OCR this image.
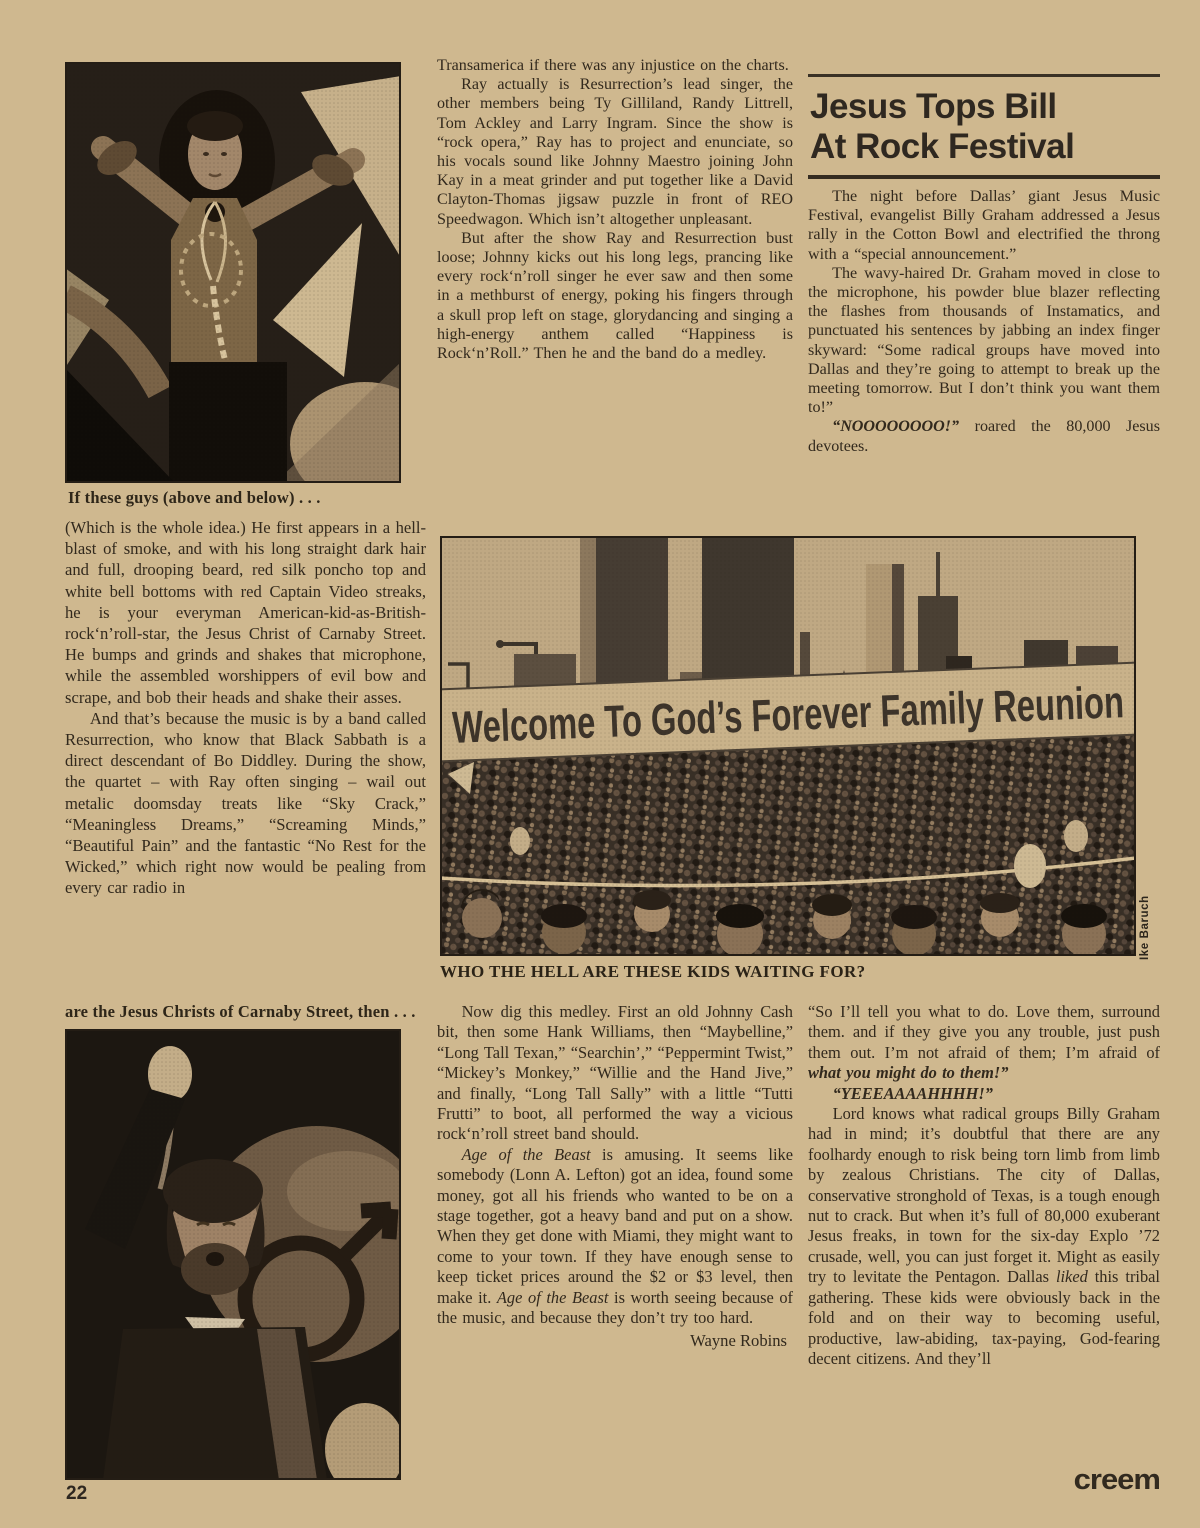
If these guys (above and below) . . .

(Which is the whole idea.) He first appears in a hell-blast of smoke, and with his long straight dark hair and full, drooping beard, red silk poncho top and white bell bottoms with red Captain Video streaks, he is your everyman American-kid-as-British-rock‘n’roll-star, the Jesus Christ of Carnaby Street. He bumps and grinds and shakes that microphone, while the assembled worshippers of evil bow and scrape, and bob their heads and shake their asses.

And that’s because the music is by a band called Resurrection, who know that Black Sabbath is a direct descendant of Bo Diddley. During the show, the quartet – with Ray often singing – wail out metalic doomsday treats like “Sky Crack,” “Meaningless Dreams,” “Screaming Minds,” “Beautiful Pain” and the fantastic “No Rest for the Wicked,” which right now would be pealing from every car radio in

are the Jesus Christs of Carnaby Street, then . . .
22

Transamerica if there was any injustice on the charts.

Ray actually is Resurrection’s lead singer, the other members being Ty Gilliland, Randy Littrell, Tom Ackley and Larry Ingram. Since the show is “rock opera,” Ray has to project and enunciate, so his vocals sound like Johnny Maestro joining John Kay in a meat grinder and put together like a David Clayton-Thomas jigsaw puzzle in front of REO Speedwagon. Which isn’t altogether unpleasant.

But after the show Ray and Resurrection bust loose; Johnny kicks out his long legs, prancing like every rock‘n’roll singer he ever saw and then some in a methburst of energy, poking his fingers through a skull prop left on stage, glorydancing and singing a high-energy anthem called “Happiness is Rock‘n’Roll.” Then he and the band do a medley.

Ike Baruch
WHO THE HELL ARE THESE KIDS WAITING FOR?

Now dig this medley. First an old Johnny Cash bit, then some Hank Williams, then “Maybelline,” “Long Tall Texan,” “Searchin’,” “Peppermint Twist,” “Mickey’s Monkey,” “Willie and the Hand Jive,” and finally, “Long Tall Sally” with a little “Tutti Frutti” to boot, all performed the way a vicious rock‘n’roll street band should.

Age of the Beast is amusing. It seems like somebody (Lonn A. Lefton) got an idea, found some money, got all his friends who wanted to be on a stage together, got a heavy band and put on a show. When they get done with Miami, they might want to come to your town. If they have enough sense to keep ticket prices around the $2 or $3 level, then make it. Age of the Beast is worth seeing because of the music, and because they don’t try too hard.

Wayne Robins
Jesus Tops Bill
At Rock Festival

The night before Dallas’ giant Jesus Music Festival, evangelist Billy Graham addressed a Jesus rally in the Cotton Bowl and electrified the throng with a “special announcement.”

The wavy-haired Dr. Graham moved in close to the microphone, his powder blue blazer reflecting the flashes from thousands of Instamatics, and punctuated his sentences by jabbing an index finger skyward: “Some radical groups have moved into Dallas and they’re going to attempt to break up the meeting tomorrow. But I don’t think you want them to!”

“NOOOOOOOO!” roared the 80,000 Jesus devotees.

“So I’ll tell you what to do. Love them, surround them. and if they give you any trouble, just push them out. I’m not afraid of them; I’m afraid of what you might do to them!”

“YEEEAAAAHHHH!”

Lord knows what radical groups Billy Graham had in mind; it’s doubtful that there are any foolhardy enough to risk being torn limb from limb by zealous Christians. The city of Dallas, conservative stronghold of Texas, is a tough enough nut to crack. But when it’s full of 80,000 exuberant Jesus freaks, in town for the six-day Explo ’72 crusade, well, you can just forget it. Might as easily try to levitate the Pentagon. Dallas liked this tribal gathering. These kids were obviously back in the fold and on their way to becoming useful, productive, law-abiding, tax-paying, God-fearing decent citizens. And they’ll

creem
